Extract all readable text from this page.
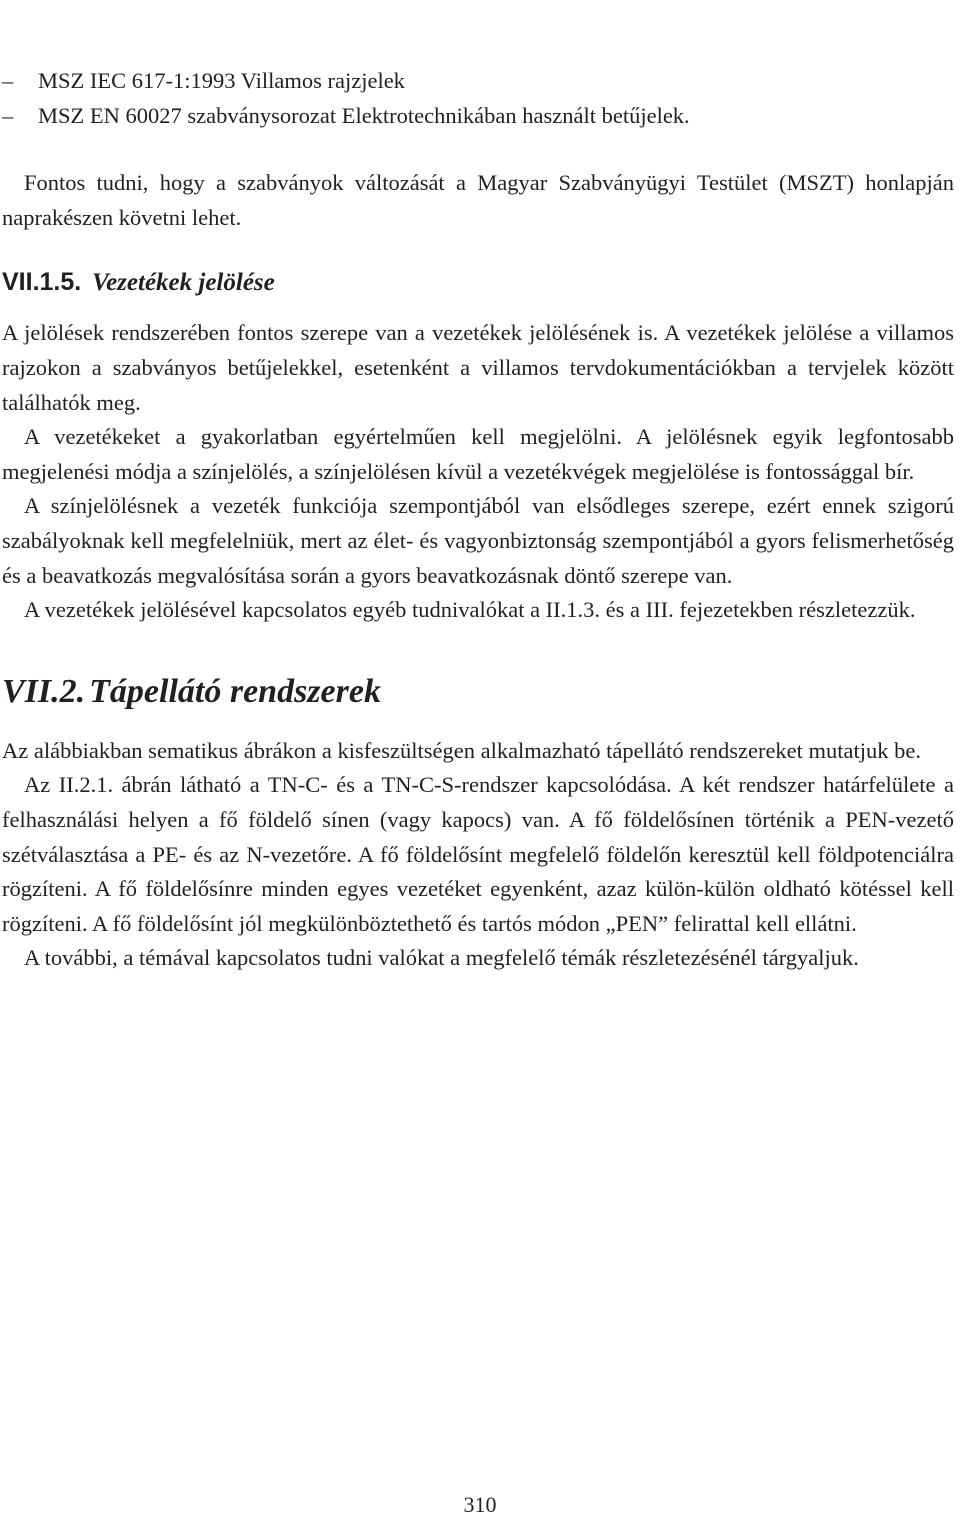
–	MSZ IEC 617-1:1993 Villamos rajzjelek
–	MSZ EN 60027 szabványsorozat Elektrotechnikában használt betűjelek.

Fontos tudni, hogy a szabványok változását a Magyar Szabványügyi Testület (MSZT) honlapján naprakészen követni lehet.

VII.1.5. Vezetékek jelölése

A jelölések rendszerében fontos szerepe van a vezetékek jelölésének is. A vezetékek jelölése a villamos rajzokon a szabványos betűjelekkel, esetenként a villamos tervdokumentációkban a tervjelek között találhatók meg.

A vezetékeket a gyakorlatban egyértelműen kell megjelölni. A jelölésnek egyik legfontosabb megjelenési módja a színjelölés, a színjelölésen kívül a vezetékvégek megjelölése is fontossággal bír.

A színjelölésnek a vezeték funkciója szempontjából van elsődleges szerepe, ezért ennek szigorú szabályoknak kell megfelelniük, mert az élet- és vagyonbiztonság szempontjából a gyors felismerhetőség és a beavatkozás megvalósítása során a gyors beavatkozásnak döntő szerepe van.

A vezetékek jelölésével kapcsolatos egyéb tudnivalókat a II.1.3. és a III. fejezetekben részletezzük.

VII.2. Tápellátó rendszerek

Az alábbiakban sematikus ábrákon a kisfeszültségen alkalmazható tápellátó rendszereket mutatjuk be.

Az II.2.1. ábrán látható a TN-C- és a TN-C-S-rendszer kapcsolódása. A két rendszer határfelülete a felhasználási helyen a fő földelő sínen (vagy kapocs) van. A fő földelősínen történik a PEN-vezető szétválasztása a PE- és az N-vezetőre. A fő földelősínt megfelelő földelőn keresztül kell földpotenciálra rögzíteni. A fő földelősínre minden egyes vezetéket egyenként, azaz külön-külön oldható kötéssel kell rögzíteni. A fő földelősínt jól megkülönböztethető és tartós módon „PEN” felirattal kell ellátni.

A további, a témával kapcsolatos tudni valókat a megfelelő témák részletezésénél tárgyaljuk.

310
